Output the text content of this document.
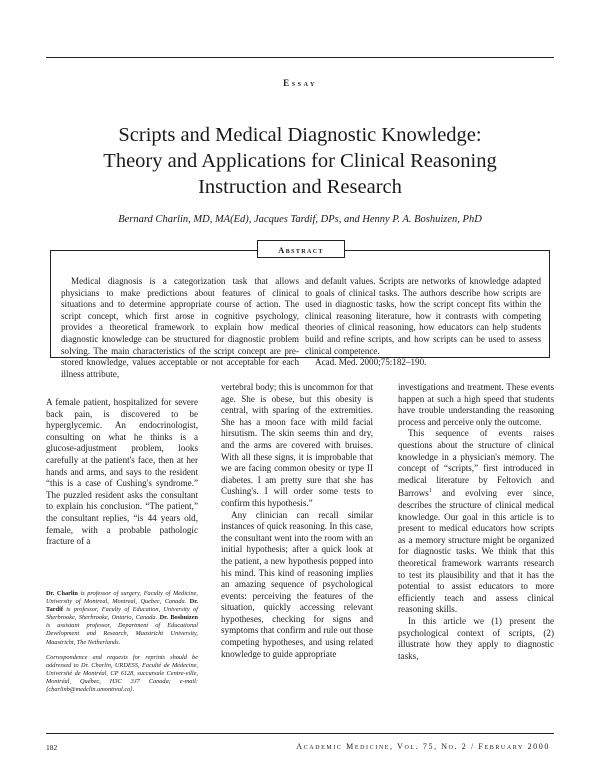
Essay
Scripts and Medical Diagnostic Knowledge:
Theory and Applications for Clinical Reasoning
Instruction and Research
Bernard Charlin, MD, MA(Ed), Jacques Tardif, DPs, and Henny P. A. Boshuizen, PhD
Abstract

Medical diagnosis is a categorization task that allows physicians to make predictions about features of clinical situations and to determine appropriate course of action. The script concept, which first arose in cognitive psychology, provides a theoretical framework to explain how medical diagnostic knowledge can be structured for diagnostic problem solving. The main characteristics of the script concept are pre-stored knowledge, values acceptable or not acceptable for each illness attribute,

and default values. Scripts are networks of knowledge adapted to goals of clinical tasks. The authors describe how scripts are used in diagnostic tasks, how the script concept fits within the clinical reasoning literature, how it contrasts with competing theories of clinical reasoning, how educators can help students build and refine scripts, and how scripts can be used to assess clinical competence.

Acad. Med. 2000;75:182–190.

A female patient, hospitalized for severe back pain, is discovered to be hyperglycemic. An endocrinologist, consulting on what he thinks is a glucose-adjustment problem, looks carefully at the patient's face, then at her hands and arms, and says to the resident “this is a case of Cushing's syndrome.” The puzzled resident asks the consultant to explain his conclusion. “The patient,” the consultant replies, “is 44 years old, female, with a probable pathologic fracture of a

vertebral body; this is uncommon for that age. She is obese, but this obesity is central, with sparing of the extremities. She has a moon face with mild facial hirsutism. The skin seems thin and dry, and the arms are covered with bruises. With all these signs, it is improbable that we are facing common obesity or type II diabetes. I am pretty sure that she has Cushing's. I will order some tests to confirm this hypothesis.”

Any clinician can recall similar instances of quick reasoning. In this case, the consultant went into the room with an initial hypothesis; after a quick look at the patient, a new hypothesis popped into his mind. This kind of reasoning implies an amazing sequence of psychological events: perceiving the features of the situation, quickly accessing relevant hypotheses, checking for signs and symptoms that confirm and rule out those competing hypotheses, and using related knowledge to guide appropriate

investigations and treatment. These events happen at such a high speed that students have trouble understanding the reasoning process and perceive only the outcome.

This sequence of events raises questions about the structure of clinical knowledge in a physician's memory. The concept of “scripts,” first introduced in medical literature by Feltovich and Barrows$^1$ and evolving ever since, describes the structure of clinical medical knowledge. Our goal in this article is to present to medical educators how scripts as a memory structure might be organized for diagnostic tasks. We think that this theoretical framework warrants research to test its plausibility and that it has the potential to assist educators to more efficiently teach and assess clinical reasoning skills.

In this article we (1) present the psychological context of scripts, (2) illustrate how they apply to diagnostic tasks,

Dr. Charlin is professor of surgery, Faculty of Medicine, University of Montreal, Montreal, Quebec, Canada. Dr. Tardif is professor, Faculty of Education, University of Sherbrooke, Sherbrooke, Ontario, Canada. Dr. Boshuizen is assistant professor, Department of Educational Development and Research, Maastricht University, Maastricht, The Netherlands.

Correspondence and requests for reprints should be addressed to Dr. Charlin, URDESS, Faculté de Médecine, Université de Montréal, CP 6128, succursale Centre-ville, Montréal, Québec, H3C 3J7 Canada; e-mail: ⟨charlinb@medclin.umontreal.ca⟩.

182	Academic Medicine, Vol. 75, No. 2 / February 2000
